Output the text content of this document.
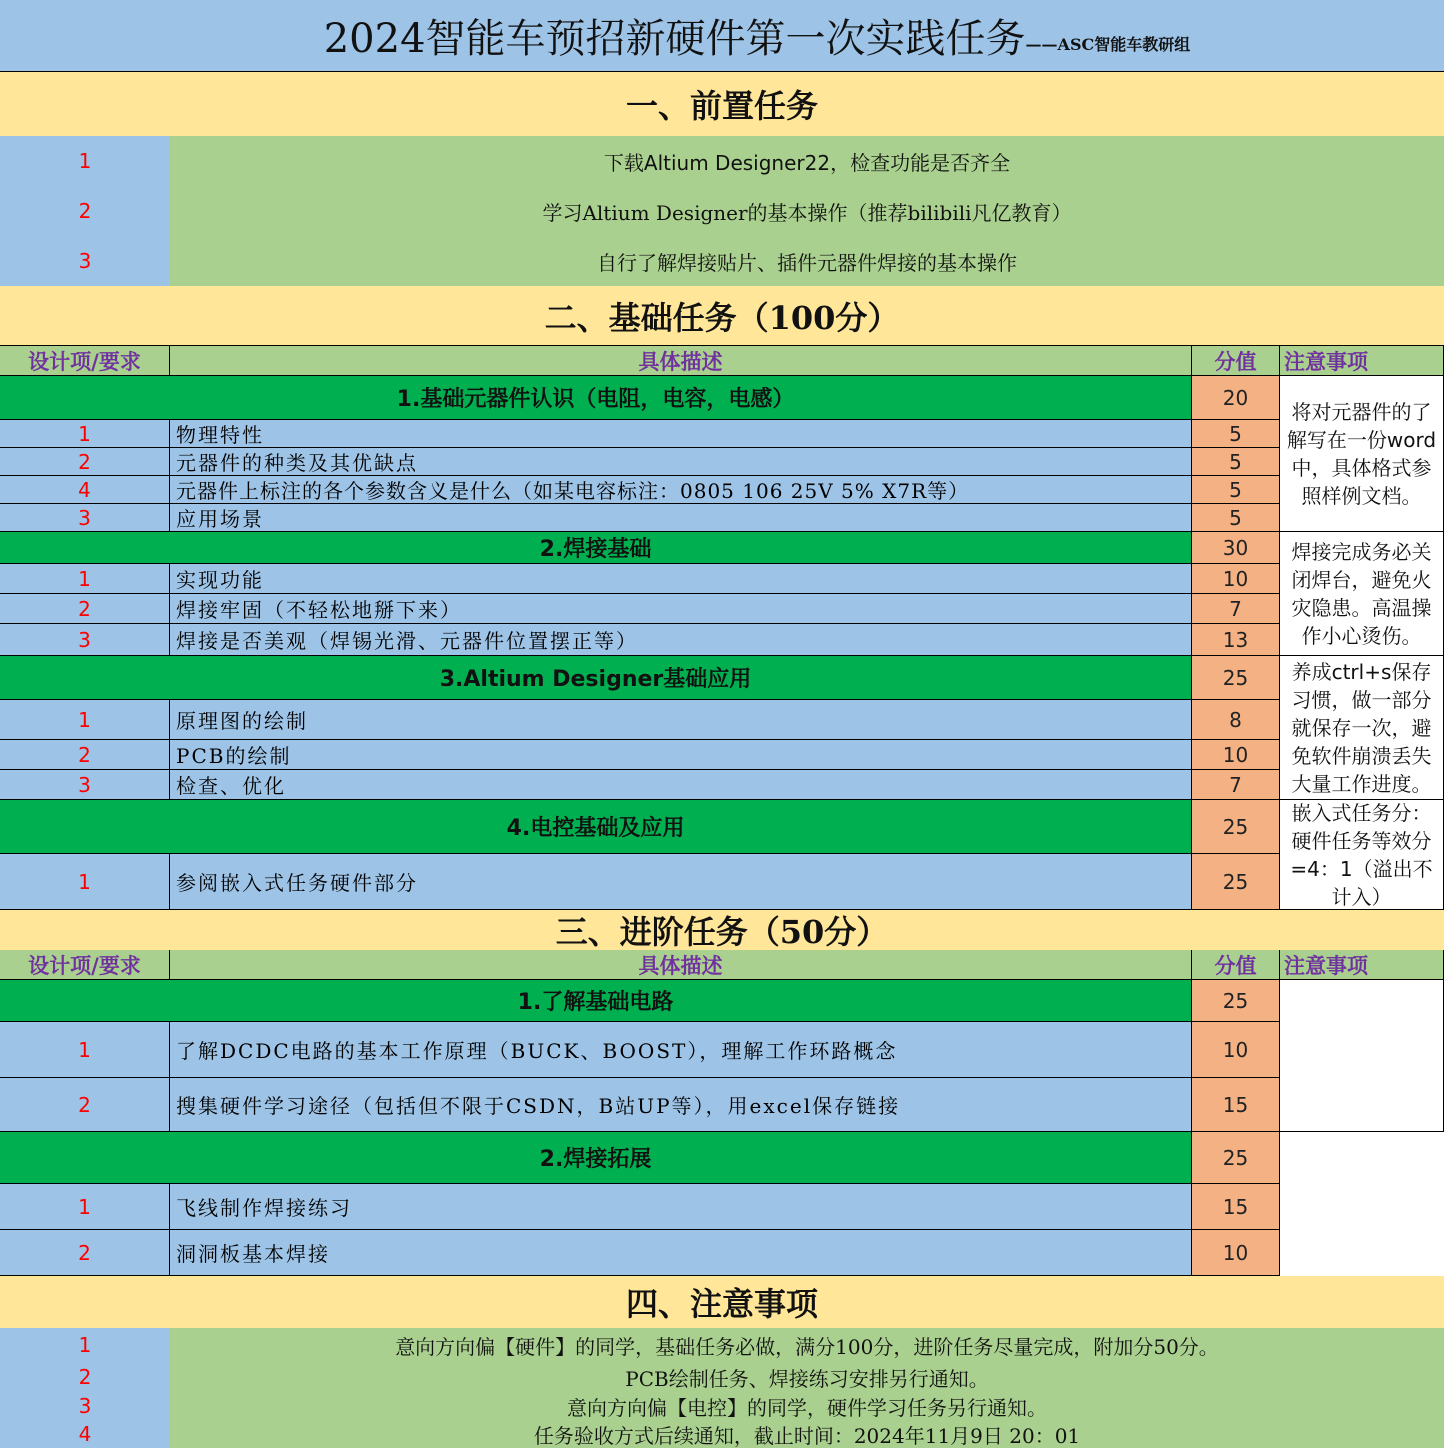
2024智能车预招新硬件第一次实践任务 ——ASC智能车教研组
一、前置任务
1	下载Altium Designer22，检查功能是否齐全
2	学习Altium Designer的基本操作（推荐bilibili凡亿教育）
3	自行了解焊接贴片、插件元器件焊接的基本操作
二、基础任务（100分）
设计项/要求	具体描述	分值	注意事项
1.基础元器件认识（电阻，电容，电感）	20
1	物理特性	5
2	元器件的种类及其优缺点	5
4	元器件上标注的各个参数含义是什么（如某电容标注：0805 106 25V 5% X7R等）	5
3	应用场景	5
将对元器件的了解写在一份word中，具体格式参照样例文档。
2.焊接基础	30
1	实现功能	10
2	焊接牢固（不轻松地掰下来）	7
3	焊接是否美观（焊锡光滑、元器件位置摆正等）	13
焊接完成务必关闭焊台，避免火灾隐患。高温操作小心烫伤。
3.Altium Designer基础应用	25
1	原理图的绘制	8
2	PCB的绘制	10
3	检查、优化	7
养成ctrl+s保存习惯，做一部分就保存一次，避免软件崩溃丢失大量工作进度。
4.电控基础及应用	25
1	参阅嵌入式任务硬件部分	25
嵌入式任务分：硬件任务等效分=4：1（溢出不计入）
三、进阶任务（50分）
设计项/要求	具体描述	分值	注意事项
1.了解基础电路	25
1	了解DCDC电路的基本工作原理（BUCK、BOOST），理解工作环路概念	10
2	搜集硬件学习途径（包括但不限于CSDN，B站UP等），用excel保存链接	15
2.焊接拓展	25
1	飞线制作焊接练习	15
2	洞洞板基本焊接	10
四、注意事项
1	意向方向偏【硬件】的同学，基础任务必做，满分100分，进阶任务尽量完成，附加分50分。
2	PCB绘制任务、焊接练习安排另行通知。
3	意向方向偏【电控】的同学，硬件学习任务另行通知。
4	任务验收方式后续通知，截止时间：2024年11月9日 20：01
